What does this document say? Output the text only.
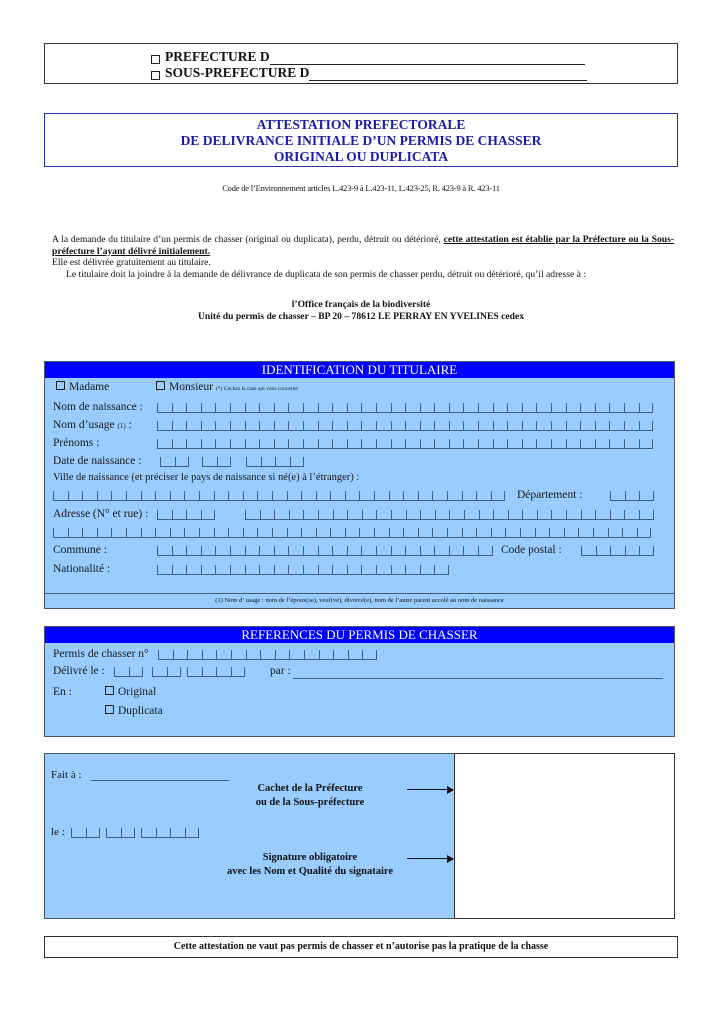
PREFECTURE D
SOUS-PREFECTURE D
ATTESTATION PREFECTORALE
DE DELIVRANCE INITIALE D’UN PERMIS DE CHASSER
ORIGINAL OU DUPLICATA
Code de l’Environnement articles L.423-9 à L.423-11, L.423-25, R. 423-9 à R. 423-11
A la demande du titulaire d’un permis de chasser (original ou duplicata), perdu, détruit ou détérioré, cette attestation est établie par la Préfecture ou la Sous-préfecture l’ayant délivré initialement.
Elle est délivrée gratuitement au titulaire.
Le titulaire doit la joindre à la demande de délivrance de duplicata de son permis de chasser perdu, détruit ou détérioré, qu’il adresse à :
l’Office français de la biodiversité
Unité du permis de chasser – BP 20 – 78612 LE PERRAY EN YVELINES cedex
IDENTIFICATION DU TITULAIRE
Madame	Monsieur (*) Cochez la case qui vous concerne
Nom de naissance :
Nom d’usage (1) :
Prénoms :
Date de naissance :
Ville de naissance (et préciser le pays de naissance si né(e) à l’étranger) :
Département :
Adresse (N° et rue) :
Commune :	Code postal :
Nationalité :
(1) Nom d’ usage : nom de l’époux(se), veuf(ve), divorcé(e), nom de l’autre parent accolé au nom de naissance
REFERENCES DU PERMIS DE CHASSER
Permis de chasser n°
Délivré le :	par :
En :	Original
Duplicata
Fait à :
le :
Cachet de la Préfecture
ou de la Sous-préfecture
Signature obligatoire
avec les Nom et Qualité du signataire
Cette attestation ne vaut pas permis de chasser et n’autorise pas la pratique de la chasse
